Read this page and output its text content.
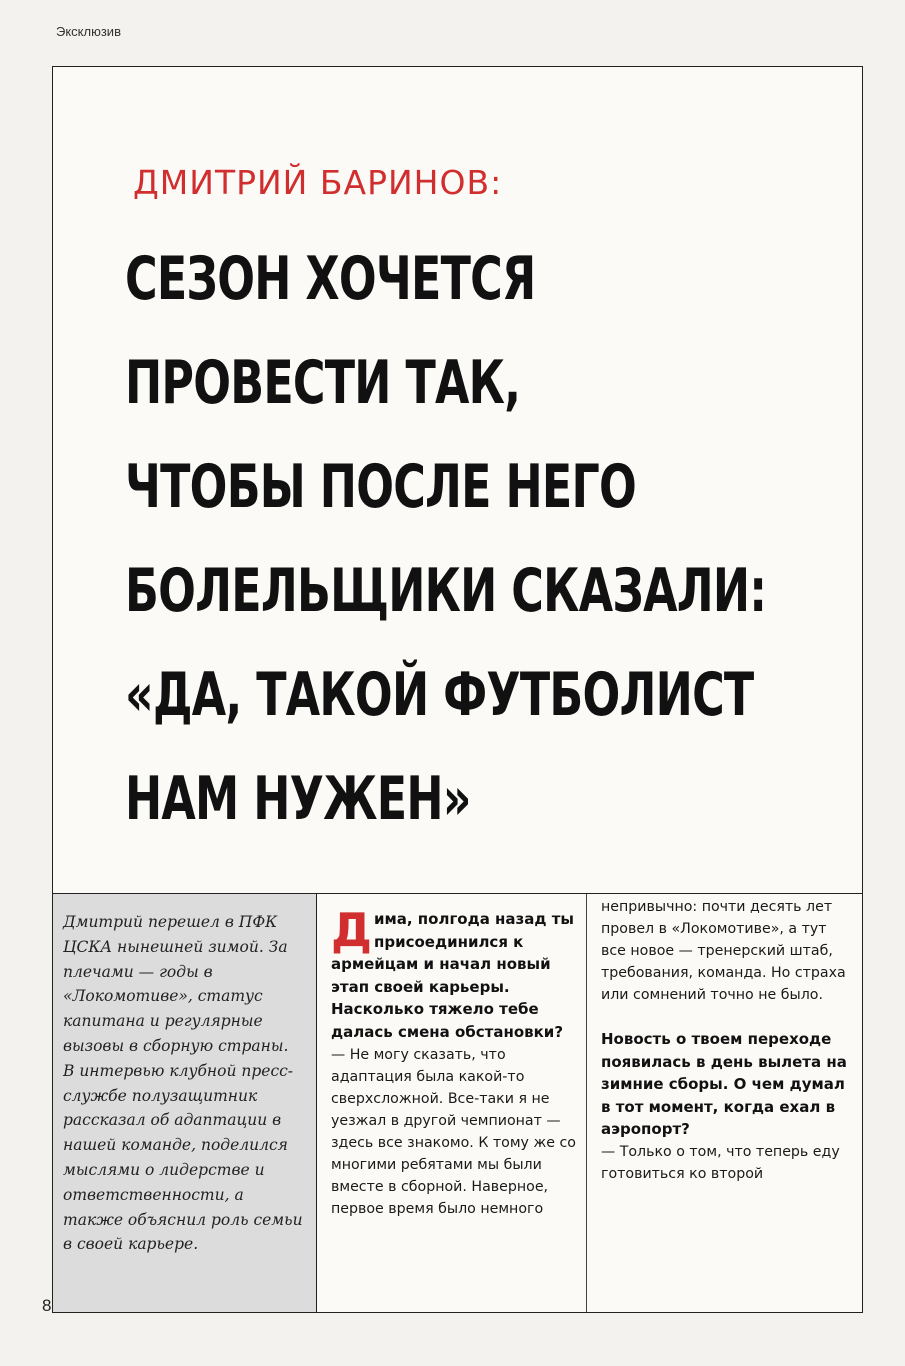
Эксклюзив
ДМИТРИЙ БАРИНОВ:
СЕЗОН ХОЧЕТСЯ
ПРОВЕСТИ ТАК,
ЧТОБЫ ПОСЛЕ НЕГО
БОЛЕЛЬЩИКИ СКАЗАЛИ:
«ДА, ТАКОЙ ФУТБОЛИСТ
НАМ НУЖЕН»
Дмитрий перешел в ПФК ЦСКА нынешней зимой. За плечами — годы в «Локомотиве», статус капитана и регулярные вызовы в сборную страны. В интервью клубной пресс-службе полузащитник рассказал об адаптации в нашей команде, поделился мыслями о лидерстве и ответственности, а также объяснил роль семьи в своей карьере.

Дима, полгода назад ты присоединился к армейцам и начал новый этап своей карьеры. Насколько тяжело тебе далась смена обстановки?

— Не могу сказать, что адаптация была какой-то сверхсложной. Все-таки я не уезжал в другой чемпионат — здесь все знакомо. К тому же со многими ребятами мы были вместе в сборной. Наверное, первое время было немного

непривычно: почти десять лет провел в «Локомотиве», а тут все новое — тренерский штаб, требования, команда. Но страха или сомнений точно не было.

Новость о твоем переходе появилась в день вылета на зимние сборы. О чем думал в тот момент, когда ехал в аэропорт?

— Только о том, что теперь еду готовиться ко второй

8
